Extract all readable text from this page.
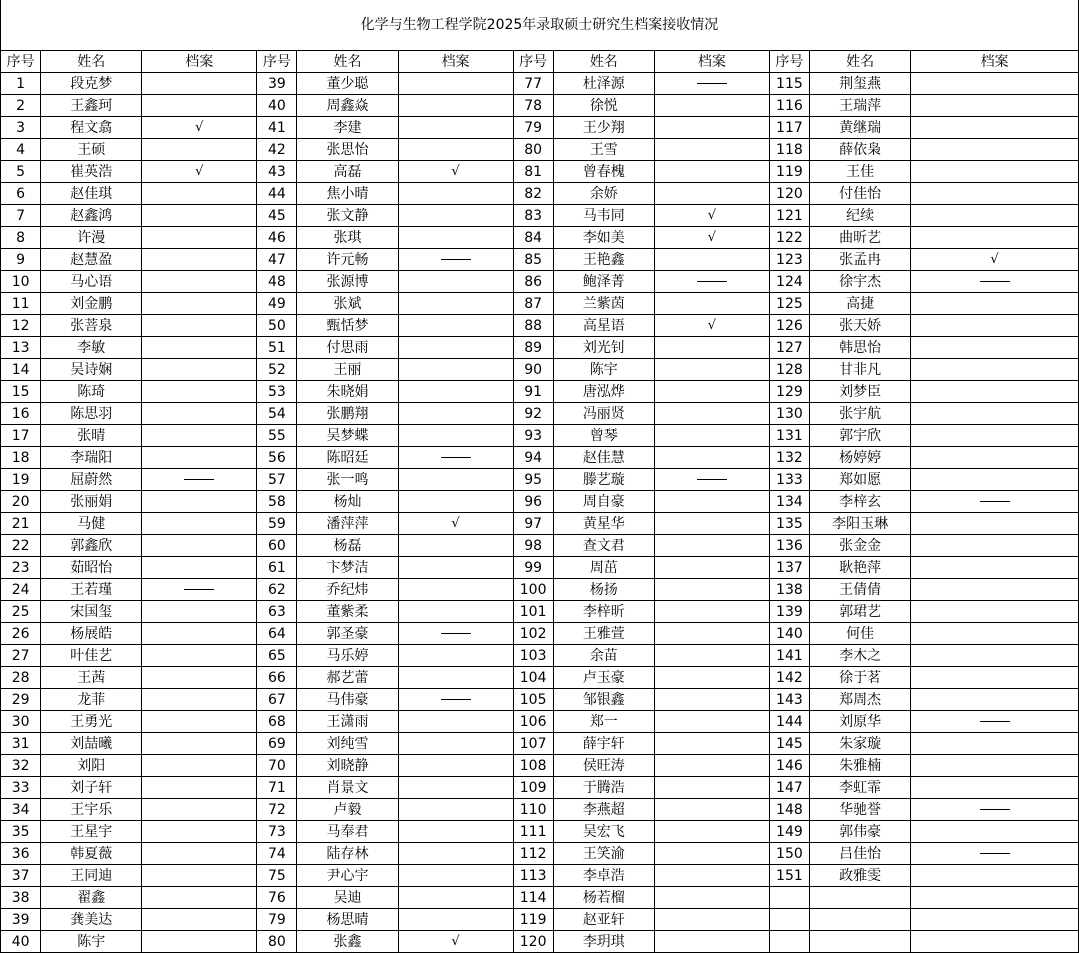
化学与生物工程学院2025年录取硕士研究生档案接收情况
序号	姓名	档案	序号	姓名	档案	序号	姓名	档案	序号	姓名	档案
1	段克梦		39	董少聪		77	杜泽源		115	荆玺燕	
2	王鑫珂		40	周鑫焱		78	徐悦		116	王瑞萍	
3	程文翕	√	41	李建		79	王少翔		117	黄继瑞	
4	王硕		42	张思怡		80	王雪		118	薛依枭	
5	崔英浩	√	43	高磊	√	81	曾春槐		119	王佳	
6	赵佳琪		44	焦小晴		82	余娇		120	付佳怡	
7	赵鑫鸿		45	张文静		83	马韦同	√	121	纪续	
8	许漫		46	张琪		84	李如美	√	122	曲昕艺	
9	赵慧盈		47	许元畅		85	王艳鑫		123	张孟冉	√
10	马心语		48	张源博		86	鲍泽菁		124	徐宇杰	
11	刘金鹏		49	张斌		87	兰紫茵		125	高捷	
12	张菩泉		50	甄恬梦		88	高星语	√	126	张天娇	
13	李敏		51	付思雨		89	刘光钊		127	韩思怡	
14	吴诗娴		52	王丽		90	陈宇		128	甘非凡	
15	陈琦		53	朱晓娟		91	唐泓烨		129	刘梦臣	
16	陈思羽		54	张鹏翔		92	冯丽贤		130	张宇航	
17	张晴		55	吴梦蝶		93	曾琴		131	郭宇欣	
18	李瑞阳		56	陈昭廷		94	赵佳慧		132	杨婷婷	
19	屈蔚然		57	张一鸣		95	滕艺璇		133	郑如愿	
20	张丽娟		58	杨灿		96	周自豪		134	李梓玄	
21	马健		59	潘萍萍	√	97	黄星华		135	李阳玉琳	
22	郭鑫欣		60	杨磊		98	查文君		136	张金金	
23	茹昭怡		61	卞梦洁		99	周茁		137	耿艳萍	
24	王若瑾		62	乔纪炜		100	杨扬		138	王倩倩	
25	宋国玺		63	董紫柔		101	李梓昕		139	郭珺艺	
26	杨展皓		64	郭圣豪		102	王雅萱		140	何佳	
27	叶佳艺		65	马乐婷		103	余苗		141	李木之	
28	王茜		66	郝艺蕾		104	卢玉豪		142	徐于茗	
29	龙菲		67	马伟豪		105	邹银鑫		143	郑周杰	
30	王勇光		68	王潇雨		106	郑一		144	刘原华	
31	刘喆曦		69	刘纯雪		107	薛宇轩		145	朱家璇	
32	刘阳		70	刘晓静		108	侯旺涛		146	朱雅楠	
33	刘子轩		71	肖景文		109	于腾浩		147	李虹霏	
34	王宇乐		72	卢毅		110	李燕超		148	华驰誉	
35	王星宇		73	马奉君		111	吴宏飞		149	郭伟豪	
36	韩夏薇		74	陆存林		112	王笑渝		150	吕佳怡	
37	王同迪		75	尹心宇		113	李卓浩		151	政雅雯	
38	翟鑫		76	吴迪		114	杨若榴				
39	龚美达		79	杨思晴		119	赵亚轩				
40	陈宇		80	张鑫	√	120	李玥琪				
